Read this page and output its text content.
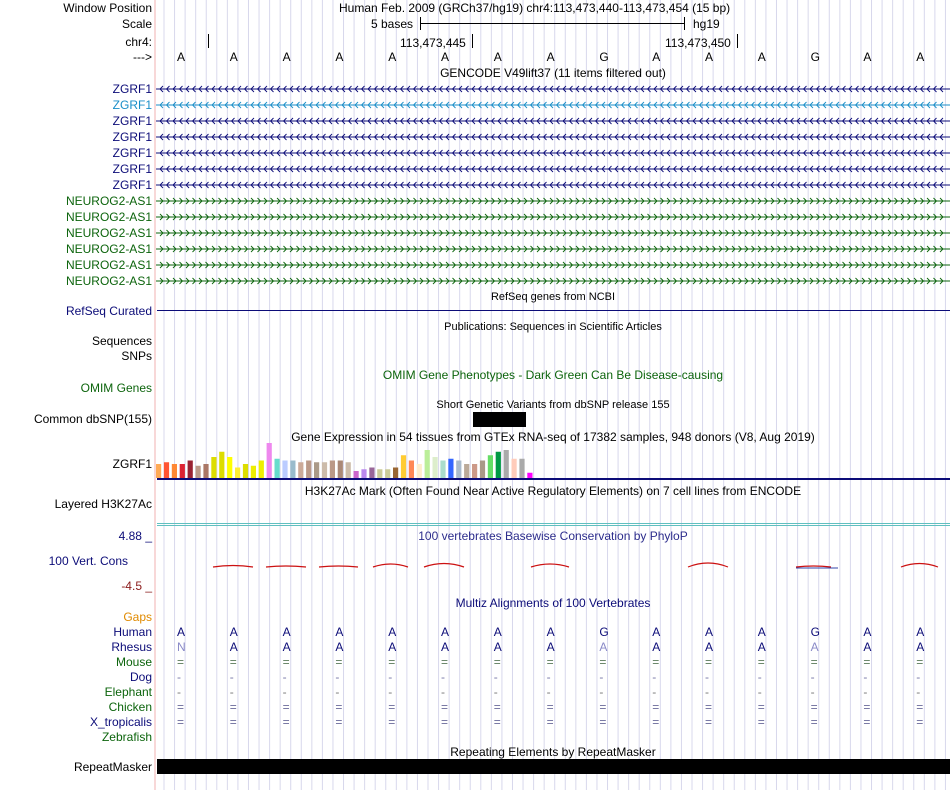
Window Position	Human Feb. 2009 (GRCh37/hg19) chr4:113,473,440-113,473,454 (15 bp)
Scale	5 bases	hg19
chr4:	113,473,445	113,473,450
---> A	A	A	A	A	A	A	A	G	A	A	A	G	A	A
GENCODE V49lift37 (11 items filtered out)
ZGRF1
ZGRF1
ZGRF1
ZGRF1
ZGRF1
ZGRF1
ZGRF1
NEUROG2-AS1
NEUROG2-AS1
NEUROG2-AS1
NEUROG2-AS1
NEUROG2-AS1
NEUROG2-AS1
RefSeq genes from NCBI
RefSeq Curated
Publications: Sequences in Scientific Articles
Sequences
SNPs
OMIM Gene Phenotypes - Dark Green Can Be Disease-causing
OMIM Genes
Short Genetic Variants from dbSNP release 155
Common dbSNP(155)
Gene Expression in 54 tissues from GTEx RNA-seq of 17382 samples, 948 donors (V8, Aug 2019)
ZGRF1
H3K27Ac Mark (Often Found Near Active Regulatory Elements) on 7 cell lines from ENCODE
Layered H3K27Ac
4.88 _	100 vertebrates Basewise Conservation by PhyloP
100 Vert. Cons
-4.5 _
Multiz Alignments of 100 Vertebrates
Gaps
Human A	A	A	A	A	A	A	A	G	A	A	A	G	A	A
Rhesus N	A	A	A	A	A	A	A	A	A	A	A	A	A	A
Mouse =	=	=	=	=	=	=	=	=	=	=	=	=	=	=
Dog -	-	-	-	-	-	-	-	-	-	-	-	-	-	-
Elephant -	-	-	-	-	-	-	-	-	-	-	-	-	-	-
Chicken =	=	=	=	=	=	=	=	=	=	=	=	=	=	=
X_tropicalis =	=	=	=	=	=	=	=	=	=	=	=	=	=	=
Zebrafish
Repeating Elements by RepeatMasker
RepeatMasker
